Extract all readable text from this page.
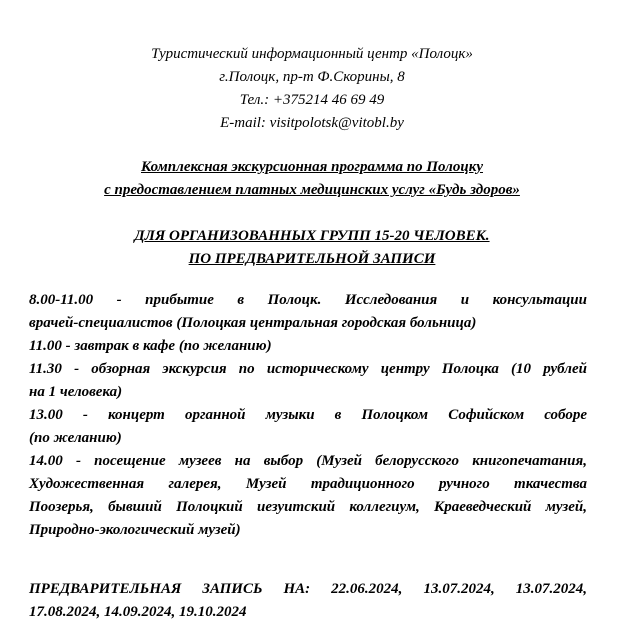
Туристический информационный центр «Полоцк»
г.Полоцк, пр-т Ф.Скорины, 8
Тел.: +375214 46 69 49
E-mail: visitpolotsk@vitobl.by
Комплексная экскурсионная программа по Полоцку
с предоставлением платных медицинских услуг «Будь здоров»
ДЛЯ ОРГАНИЗОВАННЫХ ГРУПП 15-20 ЧЕЛОВЕК.
ПО ПРЕДВАРИТЕЛЬНОЙ ЗАПИСИ

8.00-11.00 - прибытие в Полоцк. Исследования и консультации
врачей-специалистов (Полоцкая центральная городская больница)

11.00 - завтрак в кафе (по желанию)

11.30 - обзорная экскурсия по историческому центру Полоцка (10 рублей
на 1 человека)

13.00 - концерт органной музыки в Полоцком Софийском соборе
(по желанию)

14.00 - посещение музеев на выбор (Музей белорусского книгопечатания,
Художественная галерея, Музей традиционного ручного ткачества
Поозерья, бывший Полоцкий иезуитский коллегиум, Краеведческий музей,
Природно-экологический музей)

ПРЕДВАРИТЕЛЬНАЯ ЗАПИСЬ НА: 22.06.2024, 13.07.2024, 13.07.2024,
17.08.2024, 14.09.2024, 19.10.2024
